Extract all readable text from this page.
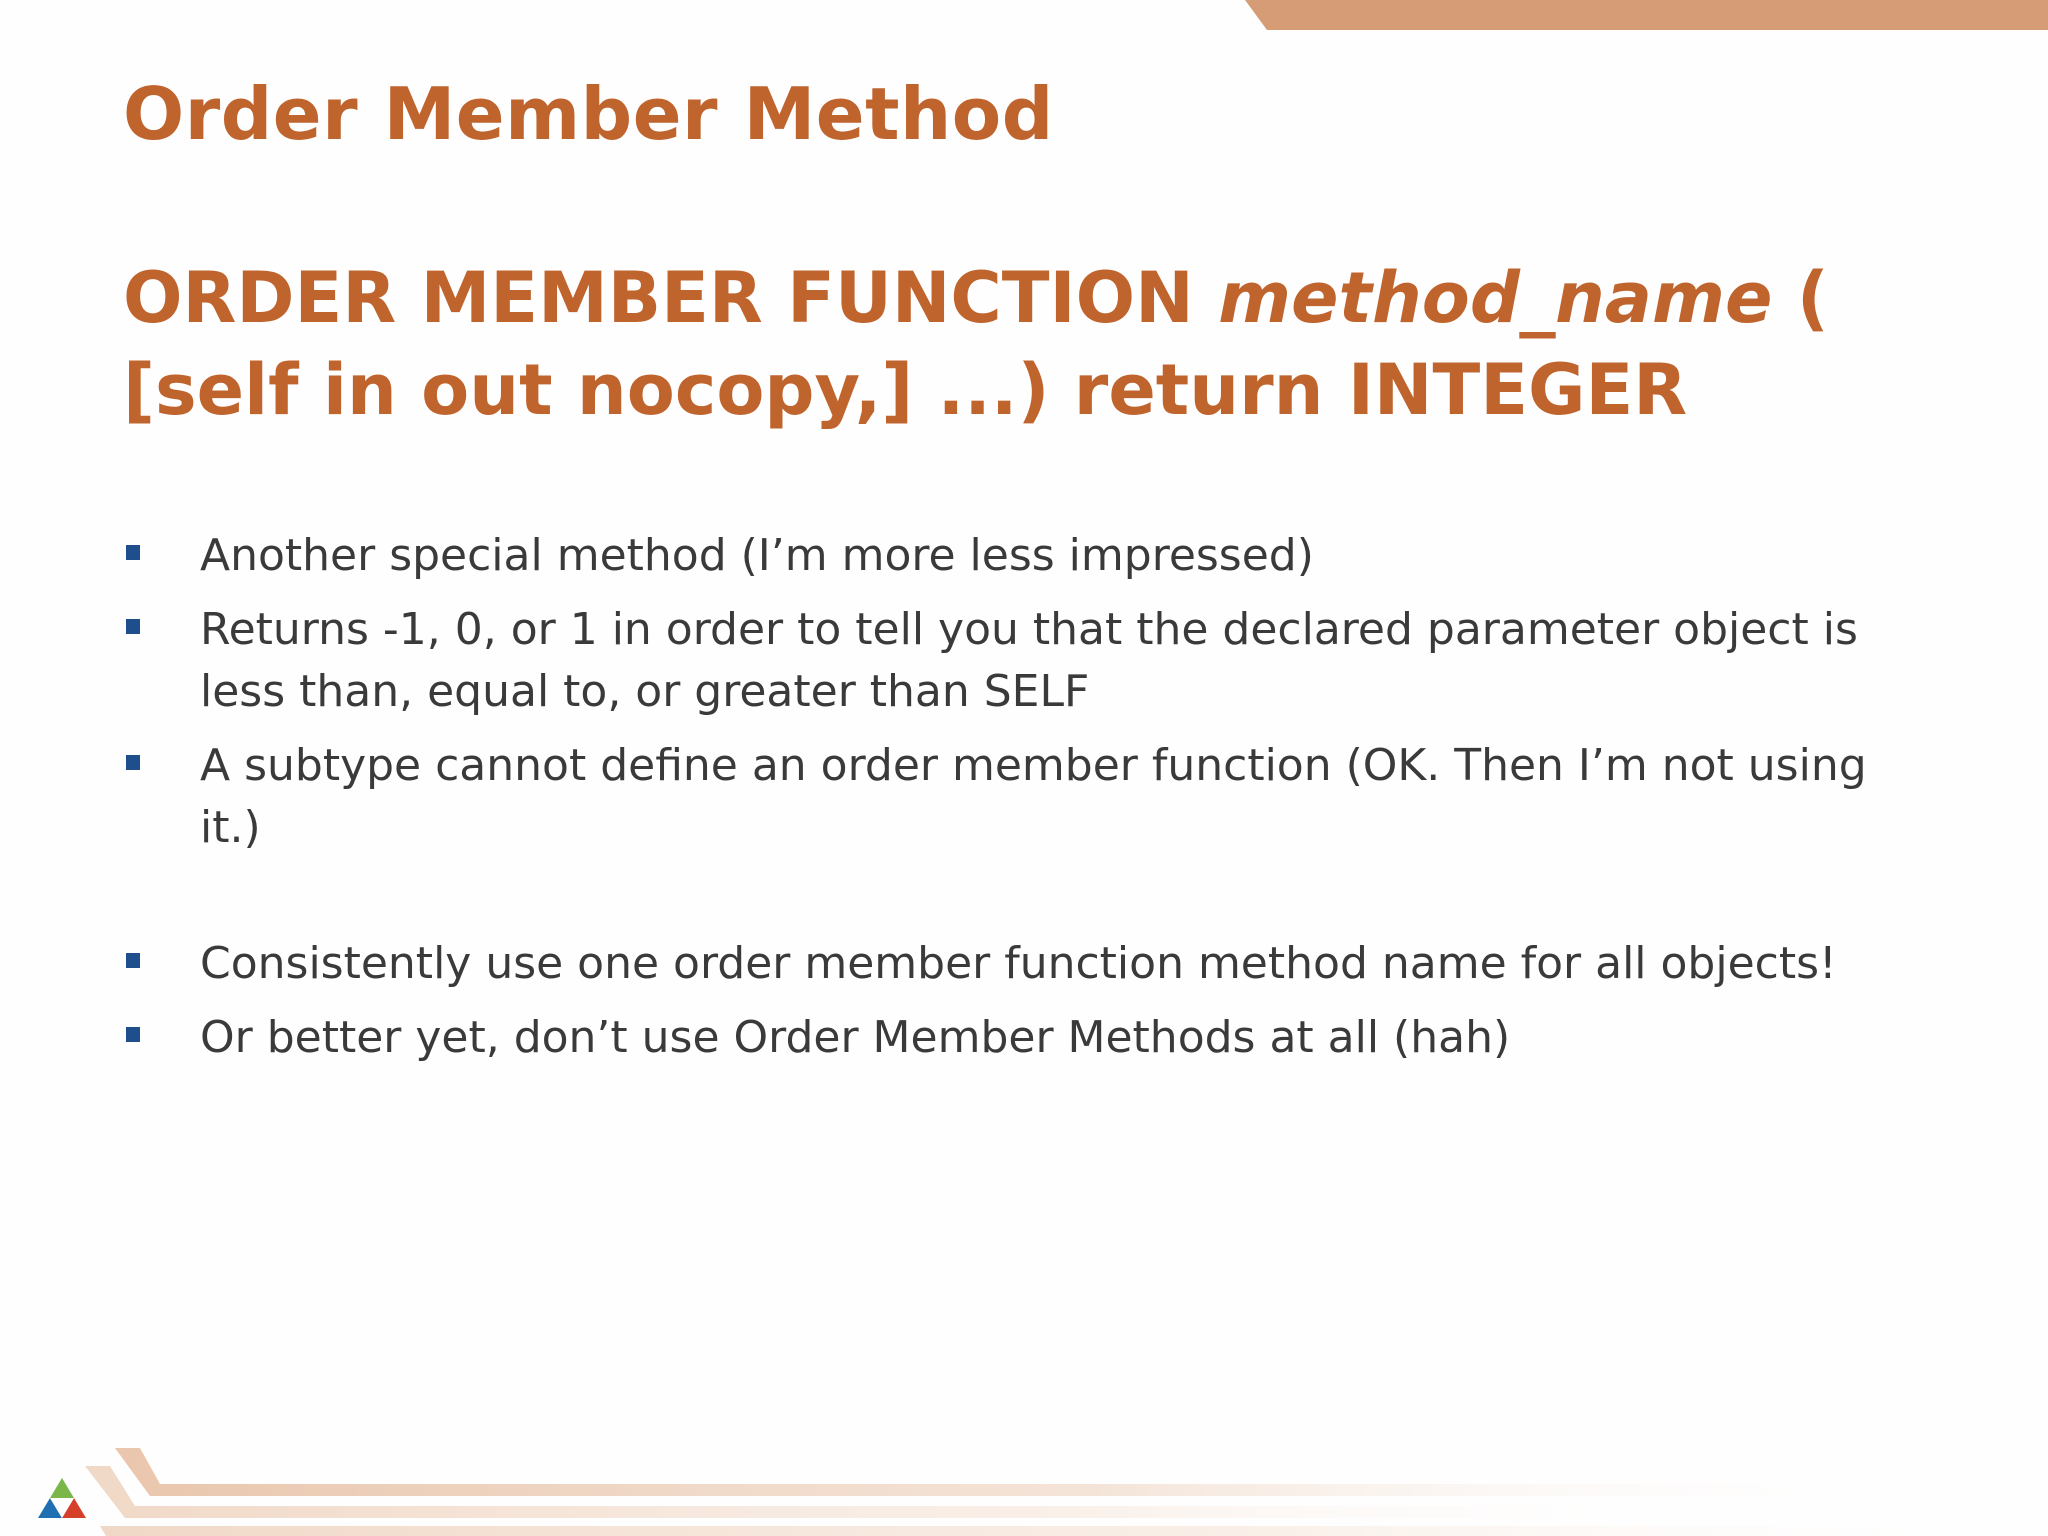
Order Member Method
ORDER MEMBER FUNCTION method_name (
[self in out nocopy,] ...) return INTEGER
Another special method (I’m more less impressed)
Returns -1, 0, or 1 in order to tell you that the declared parameter object is less than, equal to, or greater than SELF
A subtype cannot define an order member function (OK. Then I’m not using it.)
Consistently use one order member function method name for all objects!
Or better yet, don’t use Order Member Methods at all (hah)
